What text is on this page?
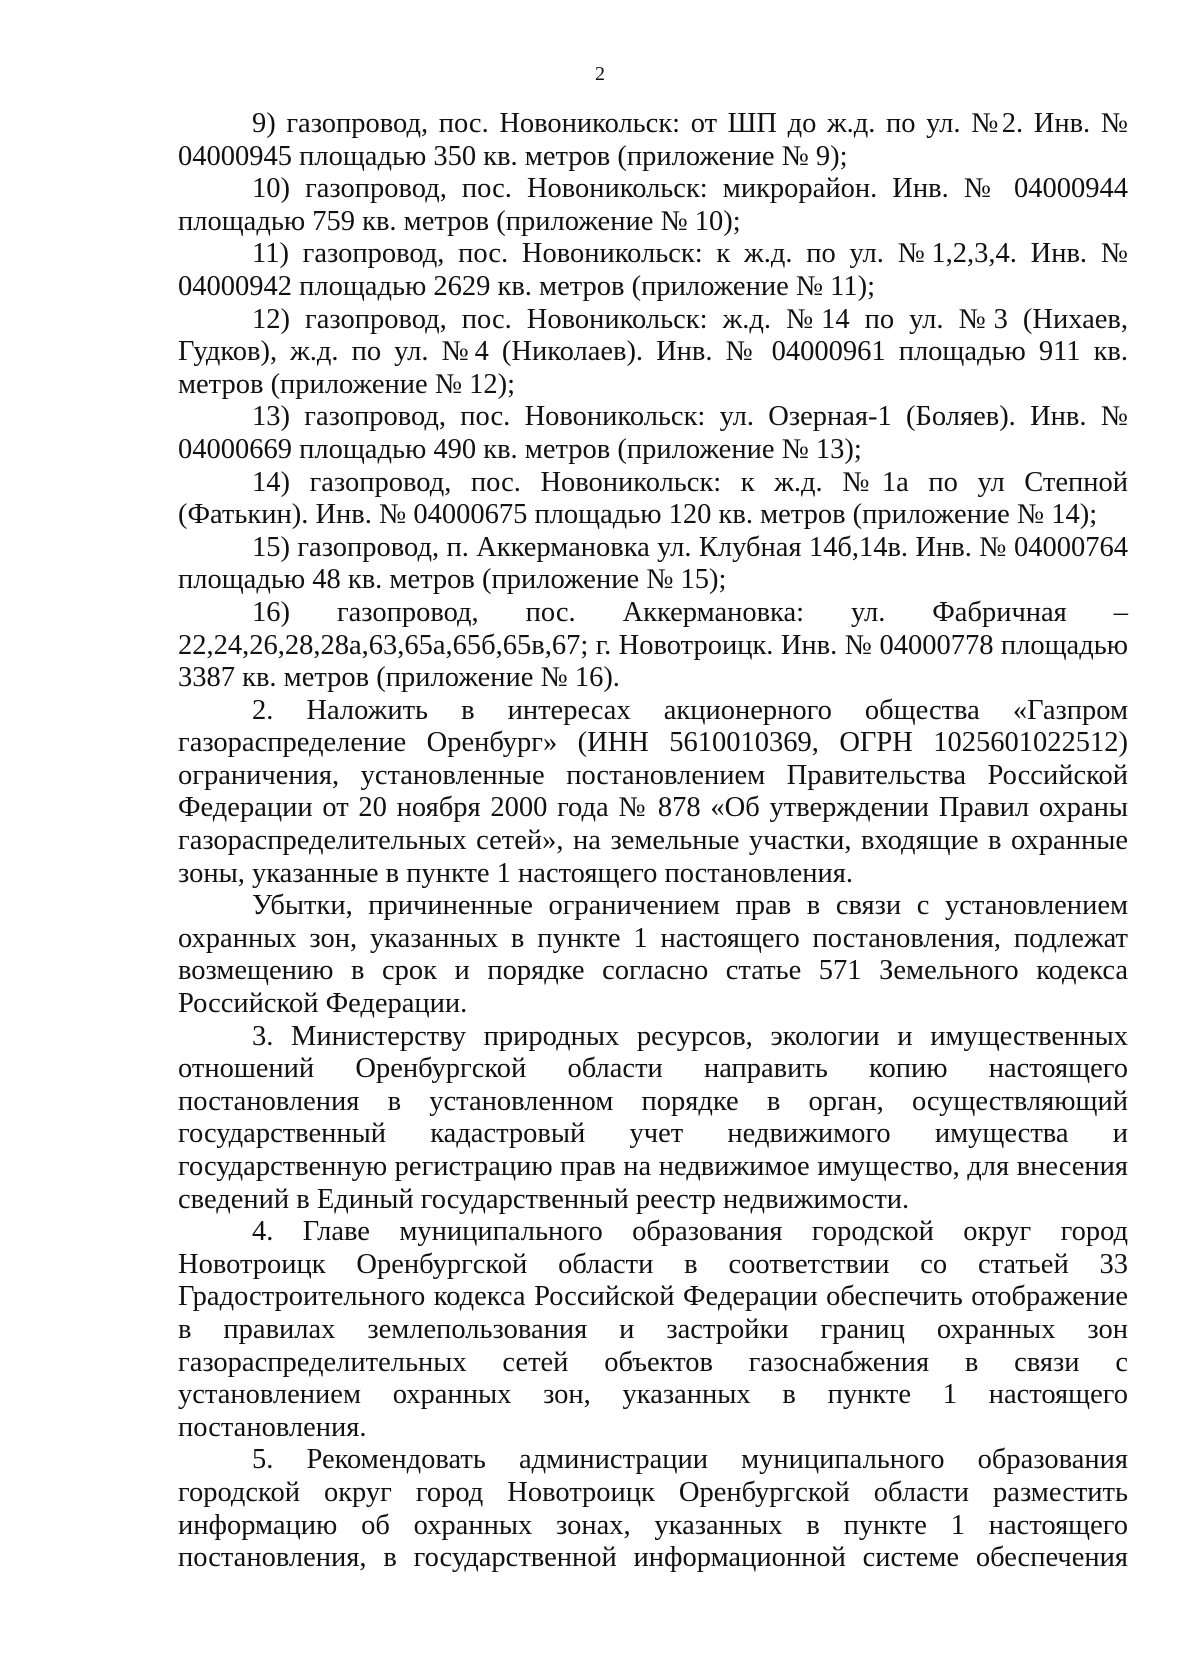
2

9) газопровод, пос. Новоникольск: от ШП до ж.д. по ул. №2. Инв. № 04000945 площадью 350 кв. метров (приложение № 9);

10) газопровод, пос. Новоникольск: микрорайон. Инв. № 04000944 площадью 759 кв. метров (приложение № 10);

11) газопровод, пос. Новоникольск: к ж.д. по ул. №1,2,3,4. Инв. № 04000942 площадью 2629 кв. метров (приложение № 11);

12) газопровод, пос. Новоникольск: ж.д. №14 по ул. №3 (Нихаев, Гудков), ж.д. по ул. №4 (Николаев). Инв. № 04000961 площадью 911 кв. метров (приложение № 12);

13) газопровод, пос. Новоникольск: ул. Озерная-1 (Боляев). Инв. № 04000669 площадью 490 кв. метров (приложение № 13);

14) газопровод, пос. Новоникольск: к ж.д. №1а по ул Степной (Фатькин). Инв. № 04000675 площадью 120 кв. метров (приложение № 14);

15) газопровод, п. Аккермановка ул. Клубная 14б,14в. Инв. № 04000764 площадью 48 кв. метров (приложение № 15);

16) газопровод, пос. Аккермановка: ул. Фабричная – 22,24,26,28,28а,63,65а,65б,65в,67; г. Новотроицк. Инв. № 04000778 площадью 3387 кв. метров (приложение № 16).

2. Наложить в интересах акционерного общества «Газпром газораспределение Оренбург» (ИНН 5610010369, ОГРН 1025601022512) ограничения, установленные постановлением Правительства Российской Федерации от 20 ноября 2000 года № 878 «Об утверждении Правил охраны газораспределительных сетей», на земельные участки, входящие в охранные зоны, указанные в пункте 1 настоящего постановления.

Убытки, причиненные ограничением прав в связи с установлением охранных зон, указанных в пункте 1 настоящего постановления, подлежат возмещению в срок и порядке согласно статье 571 Земельного кодекса Российской Федерации.

3. Министерству природных ресурсов, экологии и имущественных отношений Оренбургской области направить копию настоящего постановления в установленном порядке в орган, осуществляющий государственный кадастровый учет недвижимого имущества и государственную регистрацию прав на недвижимое имущество, для внесения сведений в Единый государственный реестр недвижимости.

4. Главе муниципального образования городской округ город Новотроицк Оренбургской области в соответствии со статьей 33 Градостроительного кодекса Российской Федерации обеспечить отображение в правилах землепользования и застройки границ охранных зон газораспределительных сетей объектов газоснабжения в связи с установлением охранных зон, указанных в пункте 1 настоящего постановления.

5. Рекомендовать администрации муниципального образования городской округ город Новотроицк Оренбургской области разместить информацию об охранных зонах, указанных в пункте 1 настоящего постановления, в государственной информационной системе обеспечения
